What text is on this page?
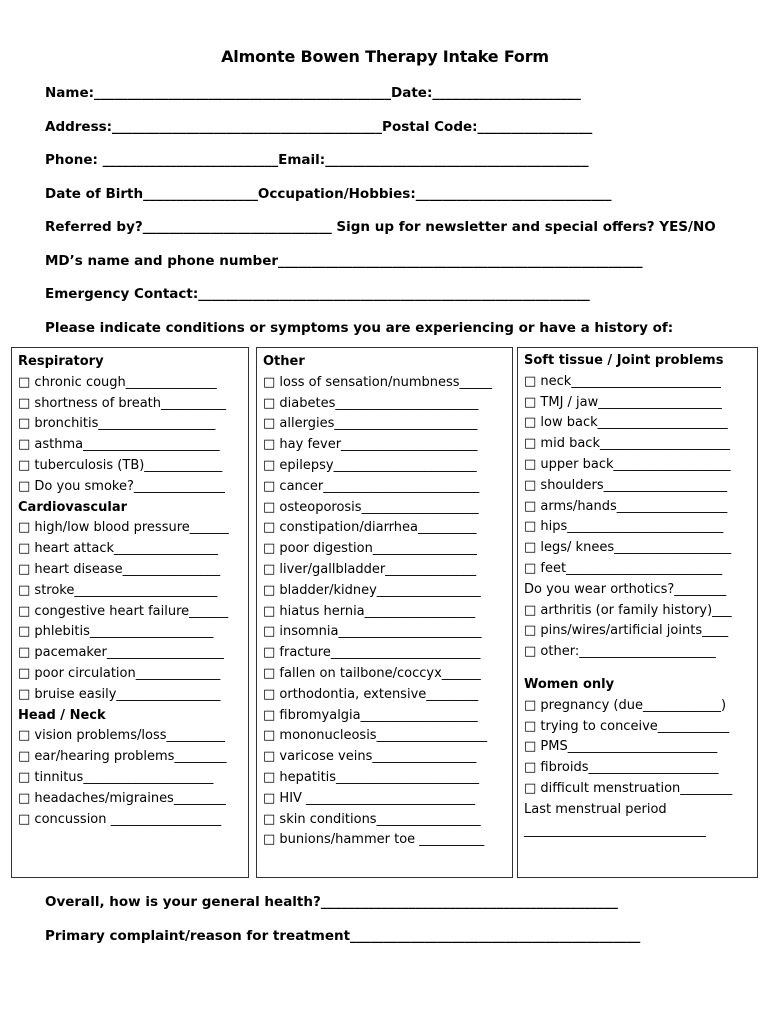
Almonte Bowen Therapy Intake Form
Name:____________________________________________Date:______________________
Address:________________________________________Postal Code:_________________
Phone: __________________________Email:_______________________________________
Date of Birth_________________Occupation/Hobbies:_____________________________
Referred by?____________________________ Sign up for newsletter and special offers? YES/NO
MD’s name and phone number______________________________________________________
Emergency Contact:__________________________________________________________
Please indicate conditions or symptoms you are experiencing or have a history of:
Respiratory
□ chronic cough______________
□ shortness of breath__________
□ bronchitis__________________
□ asthma_____________________
□ tuberculosis (TB)____________
□ Do you smoke?______________
Cardiovascular
□ high/low blood pressure______
□ heart attack________________
□ heart disease_______________
□ stroke______________________
□ congestive heart failure______
□ phlebitis___________________
□ pacemaker__________________
□ poor circulation_____________
□ bruise easily________________
Head / Neck
□ vision problems/loss_________
□ ear/hearing problems________
□ tinnitus____________________
□ headaches/migraines________
□ concussion _________________
Other
□ loss of sensation/numbness_____
□ diabetes______________________
□ allergies______________________
□ hay fever_____________________
□ epilepsy______________________
□ cancer________________________
□ osteoporosis__________________
□ constipation/diarrhea_________
□ poor digestion________________
□ liver/gallbladder______________
□ bladder/kidney________________
□ hiatus hernia_________________
□ insomnia______________________
□ fracture_______________________
□ fallen on tailbone/coccyx______
□ orthodontia, extensive________
□ fibromyalgia__________________
□ mononucleosis_________________
□ varicose veins________________
□ hepatitis______________________
□ HIV __________________________
□ skin conditions________________
□ bunions/hammer toe __________
Soft tissue / Joint problems
□ neck_______________________
□ TMJ / jaw___________________
□ low back____________________
□ mid back____________________
□ upper back__________________
□ shoulders___________________
□ arms/hands_________________
□ hips________________________
□ legs/ knees__________________
□ feet________________________
Do you wear orthotics?________
□ arthritis (or family history)___
□ pins/wires/artificial joints____
□ other:_____________________
Women only
□ pregnancy (due____________)
□ trying to conceive___________
□ PMS_______________________
□ fibroids____________________
□ difficult menstruation________
Last menstrual period
____________________________
Overall, how is your general health?____________________________________________
Primary complaint/reason for treatment___________________________________________
